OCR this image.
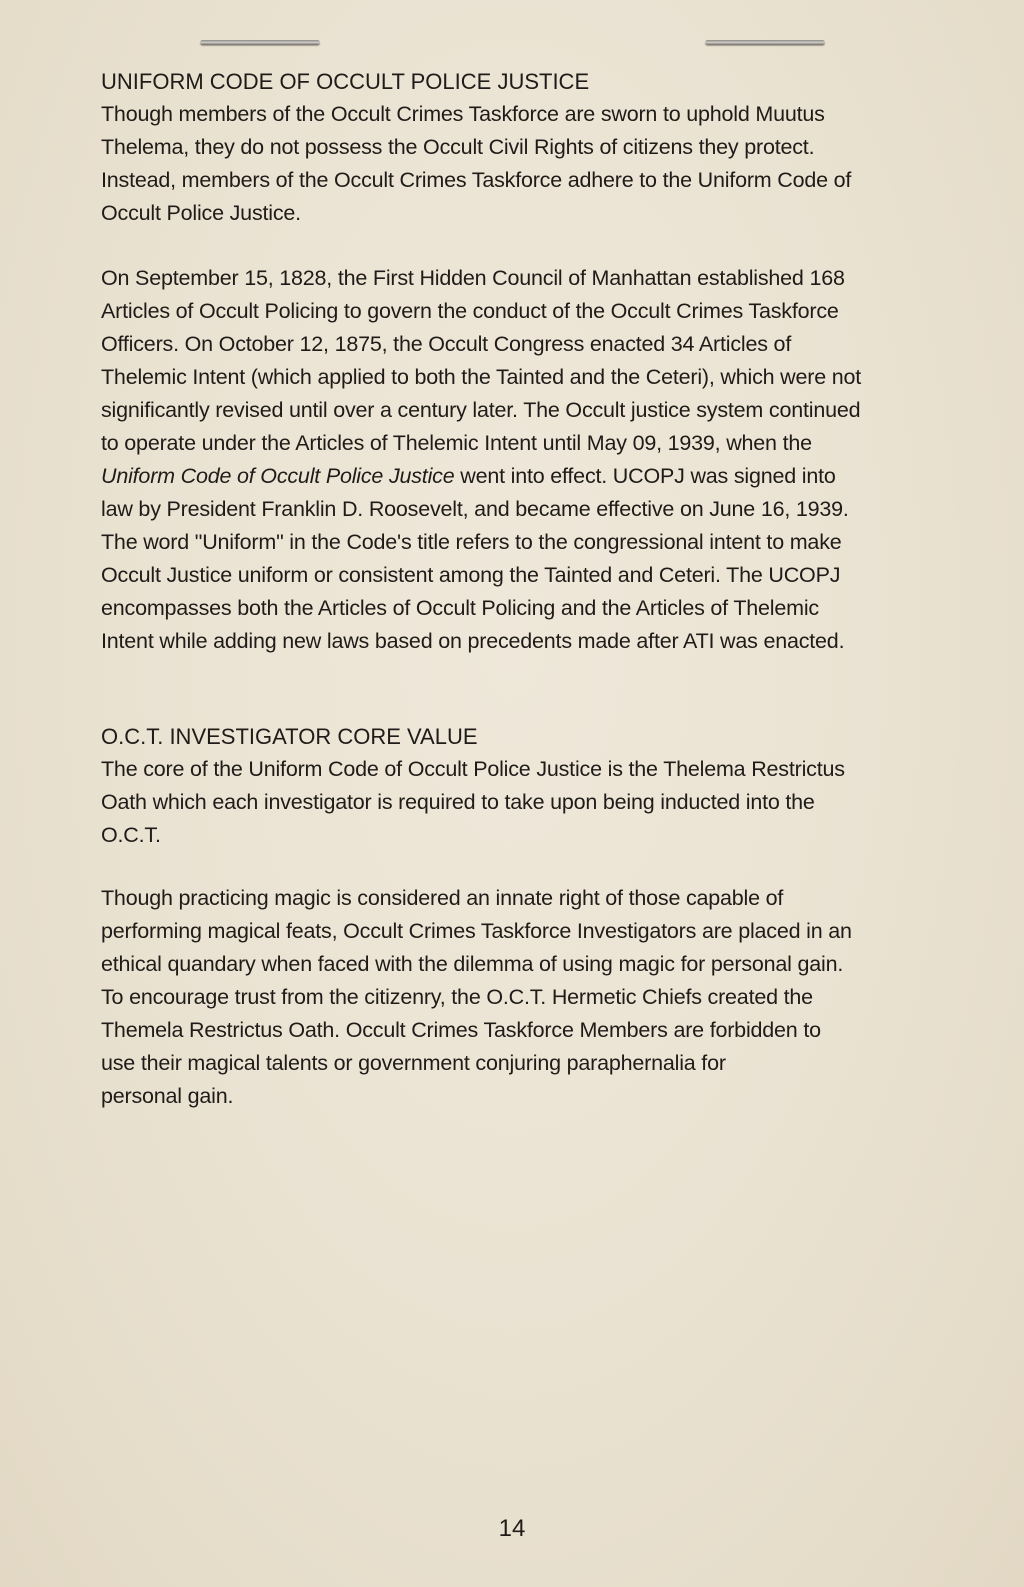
UNIFORM CODE OF OCCULT POLICE JUSTICE
Though members of the Occult Crimes Taskforce are sworn to uphold Muutus
Thelema, they do not possess the Occult Civil Rights of citizens they protect.
Instead, members of the Occult Crimes Taskforce adhere to the Uniform Code of
Occult Police Justice.
On September 15, 1828, the First Hidden Council of Manhattan established 168
Articles of Occult Policing to govern the conduct of the Occult Crimes Taskforce
Officers. On October 12, 1875, the Occult Congress enacted 34 Articles of
Thelemic Intent (which applied to both the Tainted and the Ceteri), which were not
significantly revised until over a century later. The Occult justice system continued
to operate under the Articles of Thelemic Intent until May 09, 1939, when the
Uniform Code of Occult Police Justice went into effect. UCOPJ was signed into
law by President Franklin D. Roosevelt, and became effective on June 16, 1939.
The word "Uniform" in the Code's title refers to the congressional intent to make
Occult Justice uniform or consistent among the Tainted and Ceteri. The UCOPJ
encompasses both the Articles of Occult Policing and the Articles of Thelemic
Intent while adding new laws based on precedents made after ATI was enacted.
O.C.T. INVESTIGATOR CORE VALUE
The core of the Uniform Code of Occult Police Justice is the Thelema Restrictus
Oath which each investigator is required to take upon being inducted into the
O.C.T.
Though practicing magic is considered an innate right of those capable of
performing magical feats, Occult Crimes Taskforce Investigators are placed in an
ethical quandary when faced with the dilemma of using magic for personal gain.
To encourage trust from the citizenry, the O.C.T. Hermetic Chiefs created the
Themela Restrictus Oath. Occult Crimes Taskforce Members are forbidden to
use their magical talents or government conjuring paraphernalia for
personal gain.
14
